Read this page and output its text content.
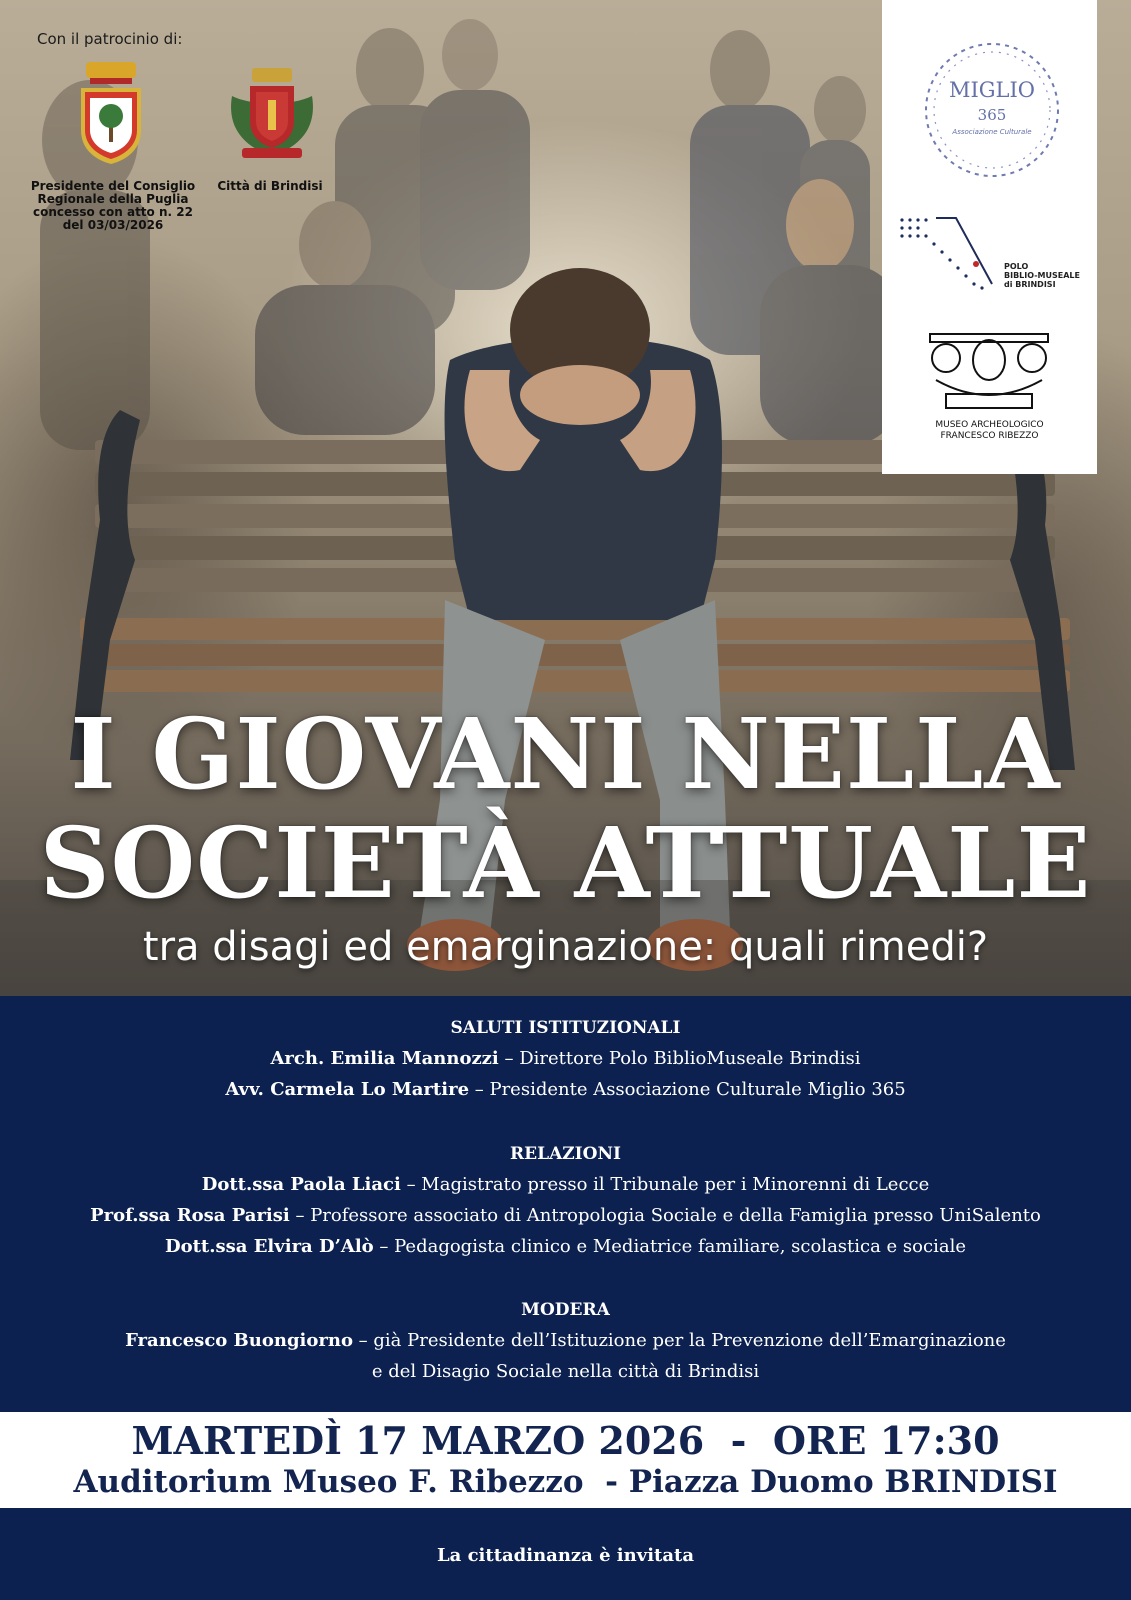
Con il patrocinio di:
Presidente del Consiglio
Regionale della Puglia
concesso con atto n. 22
del 03/03/2026
Città di Brindisi
MIGLIO
365
Associazione Culturale
POLO
BIBLIO-MUSEALE
di BRINDISI
MUSEO ARCHEOLOGICO
FRANCESCO RIBEZZO
I GIOVANI NELLA
SOCIETÀ ATTUALE
tra disagi ed emarginazione: quali rimedi?
SALUTI ISTITUZIONALI
Arch. Emilia Mannozzi – Direttore Polo BiblioMuseale Brindisi
Avv. Carmela Lo Martire – Presidente Associazione Culturale Miglio 365
RELAZIONI
Dott.ssa Paola Liaci – Magistrato presso il Tribunale per i Minorenni di Lecce
Prof.ssa Rosa Parisi – Professore associato di Antropologia Sociale e della Famiglia presso UniSalento
Dott.ssa Elvira D’Alò – Pedagogista clinico e Mediatrice familiare, scolastica e sociale
MODERA
Francesco Buongiorno – già Presidente dell’Istituzione per la Prevenzione dell’Emarginazione
e del Disagio Sociale nella città di Brindisi
MARTEDÌ 17 MARZO 2026  -  ORE 17:30
Auditorium Museo F. Ribezzo  - Piazza Duomo BRINDISI
La cittadinanza è invitata
